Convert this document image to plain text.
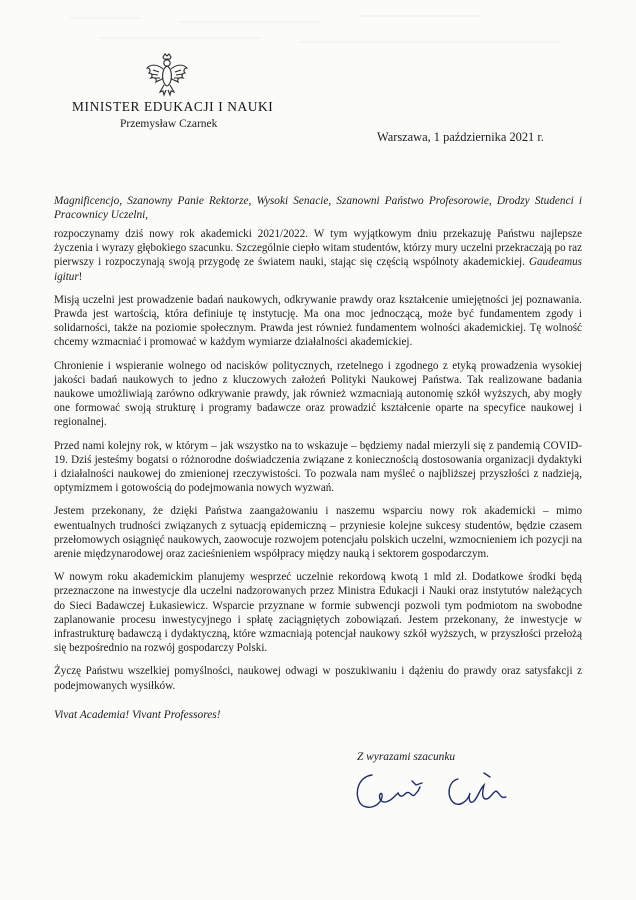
MINISTER EDUKACJI I NAUKI
Przemysław Czarnek
Warszawa, 1 października 2021 r.
Magnificencjo, Szanowny Panie Rektorze, Wysoki Senacie, Szanowni Państwo Profesorowie, Drodzy Studenci i Pracownicy Uczelni,

rozpoczynamy dziś nowy rok akademicki 2021/2022. W tym wyjątkowym dniu przekazuję Państwu najlepsze życzenia i wyrazy głębokiego szacunku. Szczególnie ciepło witam studentów, którzy mury uczelni przekraczają po raz pierwszy i rozpoczynają swoją przygodę ze światem nauki, stając się częścią wspólnoty akademickiej. Gaudeamus igitur!

Misją uczelni jest prowadzenie badań naukowych, odkrywanie prawdy oraz kształcenie umiejętności jej poznawania. Prawda jest wartością, która definiuje tę instytucję. Ma ona moc jednoczącą, może być fundamentem zgody i solidarności, także na poziomie społecznym. Prawda jest również fundamentem wolności akademickiej. Tę wolność chcemy wzmacniać i promować w każdym wymiarze działalności akademickiej.

Chronienie i wspieranie wolnego od nacisków politycznych, rzetelnego i zgodnego z etyką prowadzenia wysokiej jakości badań naukowych to jedno z kluczowych założeń Polityki Naukowej Państwa. Tak realizowane badania naukowe umożliwiają zarówno odkrywanie prawdy, jak również wzmacniają autonomię szkół wyższych, aby mogły one formować swoją strukturę i programy badawcze oraz prowadzić kształcenie oparte na specyfice naukowej i regionalnej.

Przed nami kolejny rok, w którym – jak wszystko na to wskazuje – będziemy nadal mierzyli się z pandemią COVID-19. Dziś jesteśmy bogatsi o różnorodne doświadczenia związane z koniecznością dostosowania organizacji dydaktyki i działalności naukowej do zmienionej rzeczywistości. To pozwala nam myśleć o najbliższej przyszłości z nadzieją, optymizmem i gotowością do podejmowania nowych wyzwań.

Jestem przekonany, że dzięki Państwa zaangażowaniu i naszemu wsparciu nowy rok akademicki – mimo ewentualnych trudności związanych z sytuacją epidemiczną – przyniesie kolejne sukcesy studentów, będzie czasem przełomowych osiągnięć naukowych, zaowocuje rozwojem potencjału polskich uczelni, wzmocnieniem ich pozycji na arenie międzynarodowej oraz zacieśnieniem współpracy między nauką i sektorem gospodarczym.

W nowym roku akademickim planujemy wesprzeć uczelnie rekordową kwotą 1 mld zł. Dodatkowe środki będą przeznaczone na inwestycje dla uczelni nadzorowanych przez Ministra Edukacji i Nauki oraz instytutów należących do Sieci Badawczej Łukasiewicz. Wsparcie przyznane w formie subwencji pozwoli tym podmiotom na swobodne zaplanowanie procesu inwestycyjnego i spłatę zaciągniętych zobowiązań. Jestem przekonany, że inwestycje w infrastrukturę badawczą i dydaktyczną, które wzmacniają potencjał naukowy szkół wyższych, w przyszłości przełożą się bezpośrednio na rozwój gospodarczy Polski.

Życzę Państwu wszelkiej pomyślności, naukowej odwagi w poszukiwaniu i dążeniu do prawdy oraz satysfakcji z podejmowanych wysiłków.

Vivat Academia! Vivant Professores!
Z wyrazami szacunku
